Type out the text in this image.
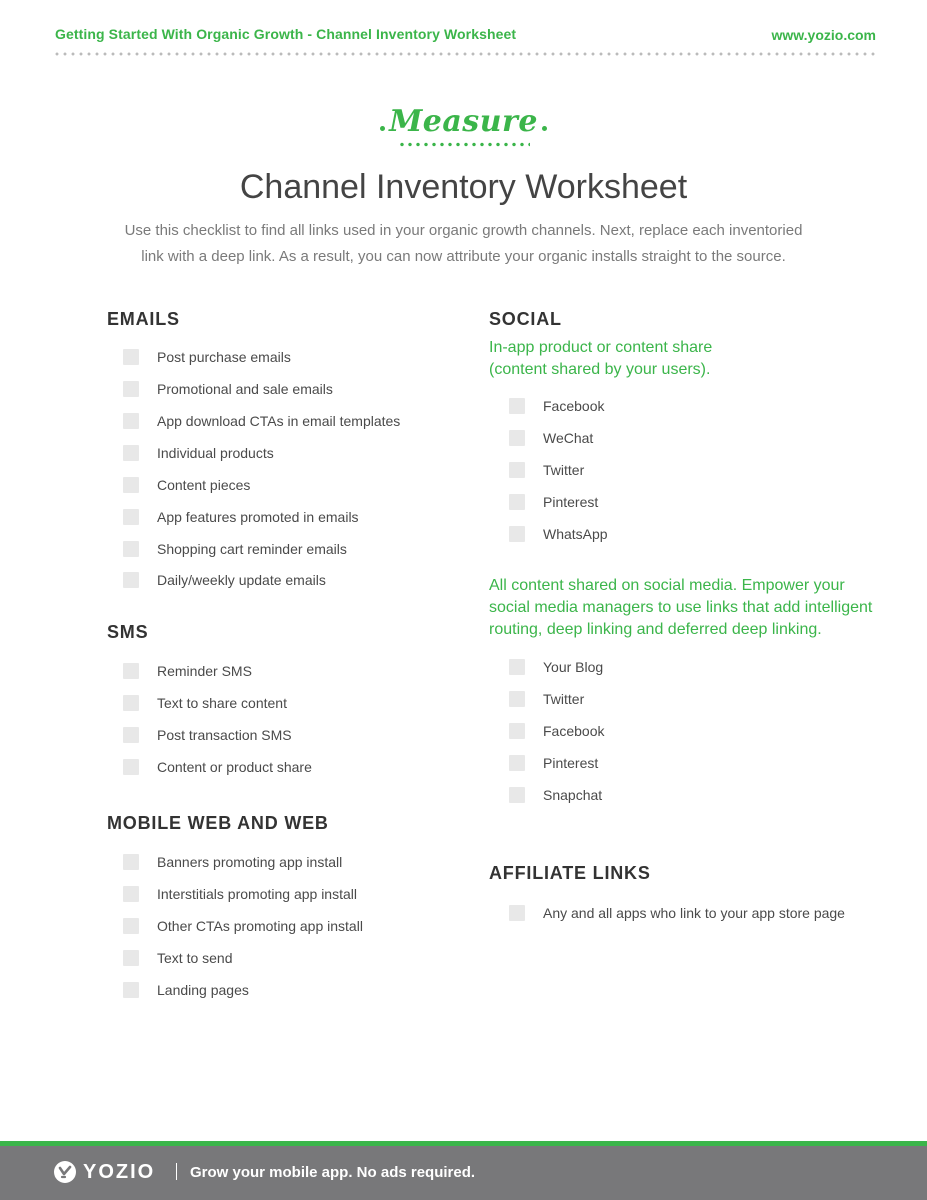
Getting Started With Organic Growth - Channel Inventory Worksheet	www.yozio.com
Measure
Channel Inventory Worksheet
Use this checklist to find all links used in your organic growth channels. Next, replace each inventoried
link with a deep link. As a result, you can now attribute your organic installs straight to the source.
EMAILS
Post purchase emails
Promotional and sale emails
App download CTAs in email templates
Individual products
Content pieces
App features promoted in emails
Shopping cart reminder emails
Daily/weekly update emails
SMS
Reminder SMS
Text to share content
Post transaction SMS
Content or product share
MOBILE WEB AND WEB
Banners promoting app install
Interstitials promoting app install
Other CTAs promoting app install
Text to send
Landing pages
SOCIAL
In-app product or content share
(content shared by your users).
Facebook
WeChat
Twitter
Pinterest
WhatsApp
All content shared on social media. Empower your
social media managers to use links that add intelligent
routing, deep linking and deferred deep linking.
Your Blog
Twitter
Facebook
Pinterest
Snapchat
AFFILIATE LINKS
Any and all apps who link to your app store page
YOZIO Grow your mobile app. No ads required.
